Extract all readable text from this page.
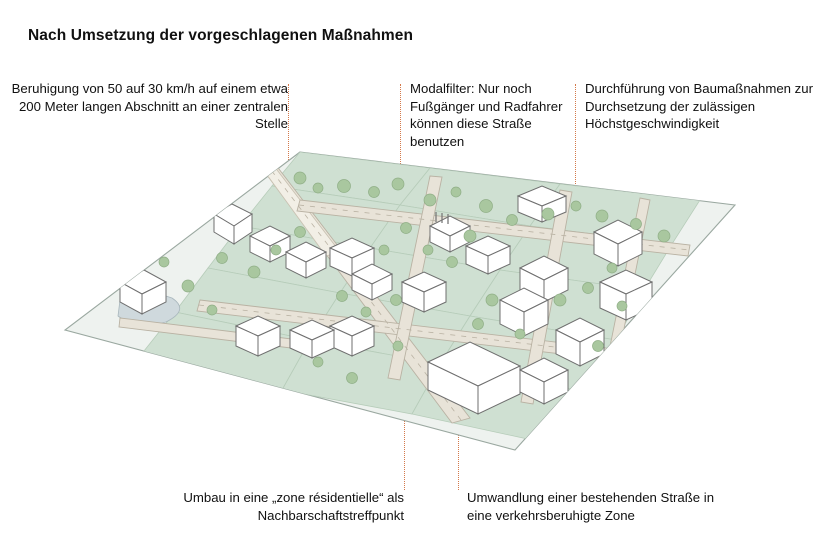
Nach Umsetzung der vorgeschlagenen Maßnahmen
Beruhigung von 50 auf 30 km/h auf einem etwa 200 Meter langen Abschnitt an einer zentralen Stelle
Modalfilter: Nur noch Fußgänger und Radfahrer können diese Straße benutzen
Durchführung von Baumaßnahmen zur Durchsetzung der zulässigen Höchstgeschwindigkeit
Umbau in eine „zone résidentielle“ als Nachbarschaftstreffpunkt
Umwandlung einer bestehenden Straße in eine verkehrsberuhigte Zone
